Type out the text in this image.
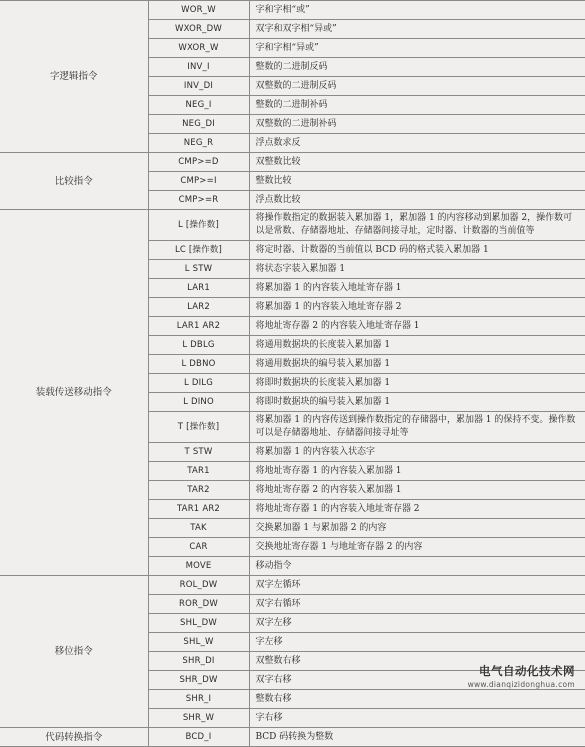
字逻辑指令	WOR_W	字和字相“或”
	WXOR_DW	双字和双字相“异或”
	WXOR_W	字和字相“异或”
	INV_I	整数的二进制反码
	INV_DI	双整数的二进制反码
	NEG_I	整数的二进制补码
	NEG_DI	双整数的二进制补码
	NEG_R	浮点数求反
比较指令	CMP>=D	双整数比较
	CMP>=I	整数比较
	CMP>=R	浮点数比较
装载传送移动指令	L [操作数]	将操作数指定的数据装入累加器 1，累加器 1 的内容移动到累加器 2，操作数可以是常数、存储器地址、存储器间接寻址，定时器、计数器的当前值等
	LC [操作数]	将定时器、计数器的当前值以 BCD 码的格式装入累加器 1
	L STW	将状态字装入累加器 1
	LAR1	将累加器 1 的内容装入地址寄存器 1
	LAR2	将累加器 1 的内容装入地址寄存器 2
	LAR1 AR2	将地址寄存器 2 的内容装入地址寄存器 1
	L DBLG	将通用数据块的长度装入累加器 1
	L DBNO	将通用数据块的编号装入累加器 1
	L DILG	将即时数据块的长度装入累加器 1
	L DINO	将即时数据块的编号装入累加器 1
	T [操作数]	将累加器 1 的内容传送到操作数指定的存储器中，累加器 1 的保持不变。操作数可以是存储器地址、存储器间接寻址等
	T STW	将累加器 1 的内容装入状态字
	TAR1	将地址寄存器 1 的内容装入累加器 1
	TAR2	将地址寄存器 2 的内容装入累加器 1
	TAR1 AR2	将地址寄存器 1 的内容装入地址寄存器 2
	TAK	交换累加器 1 与累加器 2 的内容
	CAR	交换地址寄存器 1 与地址寄存器 2 的内容
	MOVE	移动指令
移位指令	ROL_DW	双字左循环
	ROR_DW	双字右循环
	SHL_DW	双字左移
	SHL_W	字左移
	SHR_DI	双整数右移
	SHR_DW	双字右移
	SHR_I	整数右移
	SHR_W	字右移
代码转换指令	BCD_I	BCD 码转换为整数
电气自动化技术网
www.dianqizidonghua.com
